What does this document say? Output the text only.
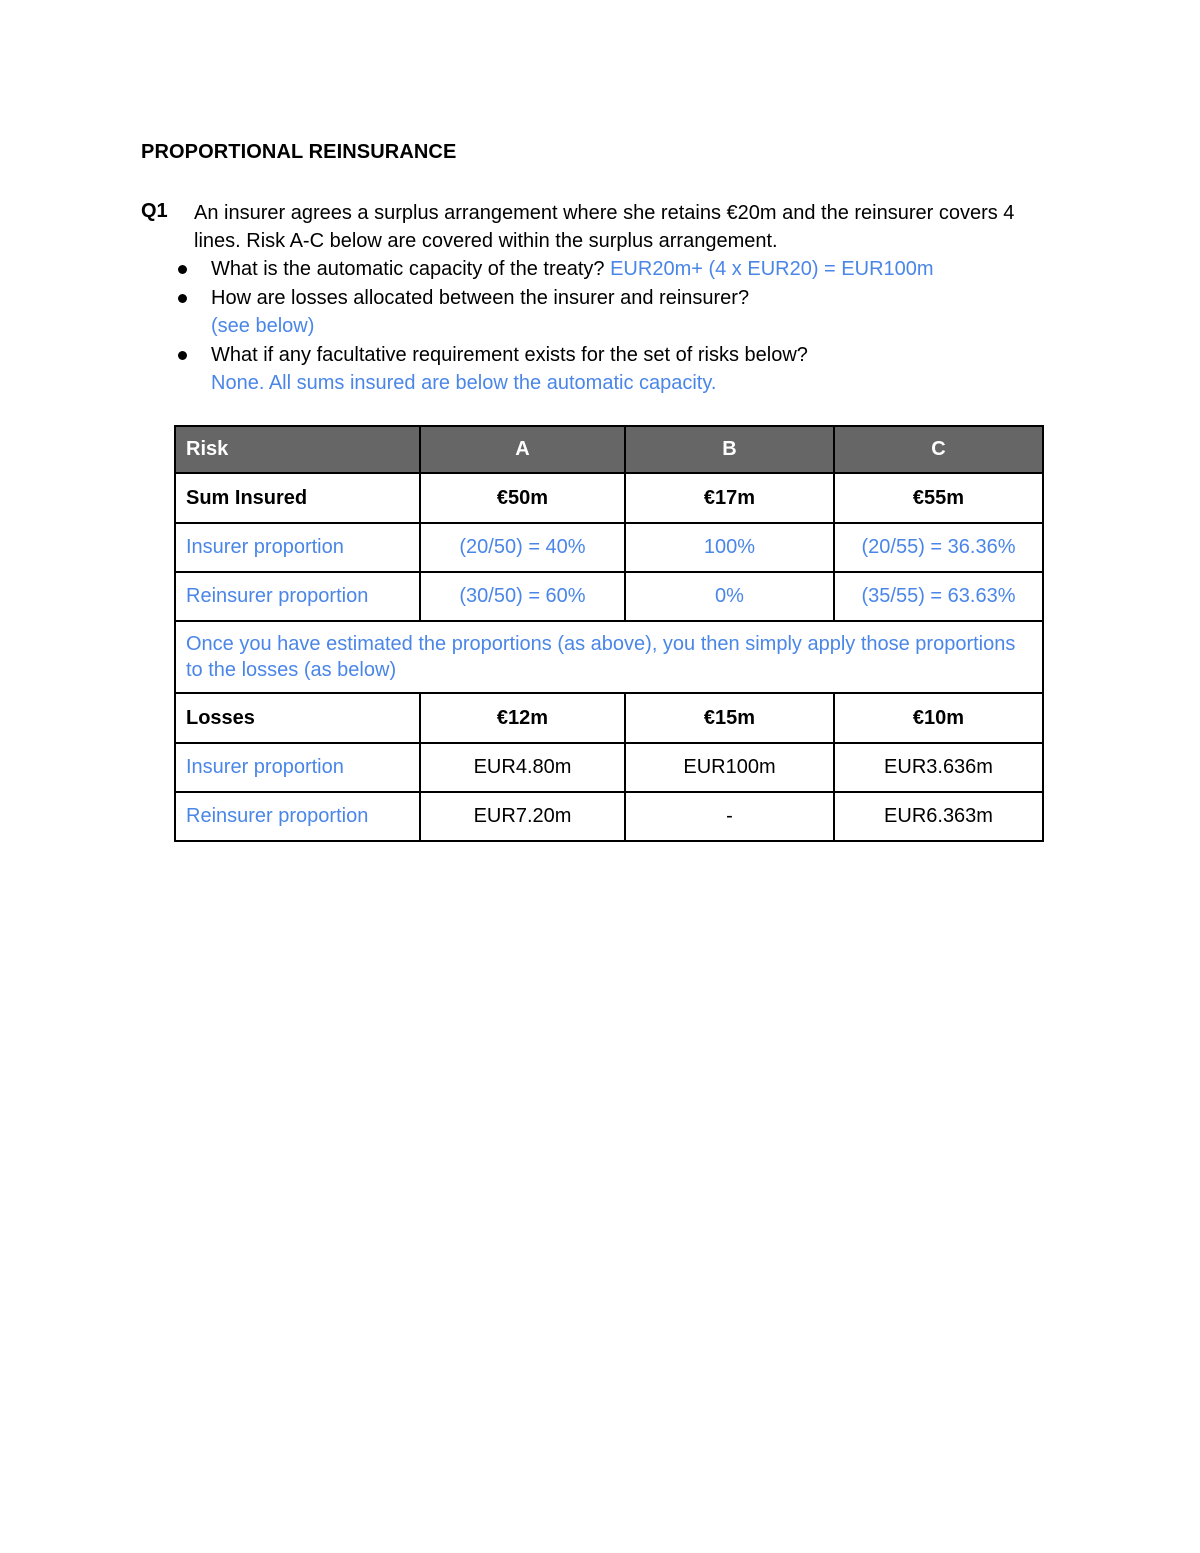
PROPORTIONAL REINSURANCE
Q1 An insurer agrees a surplus arrangement where she retains €20m and the reinsurer covers 4 lines. Risk A-C below are covered within the surplus arrangement.
What is the automatic capacity of the treaty? EUR20m+ (4 x EUR20) = EUR100m
How are losses allocated between the insurer and reinsurer?
(see below)
What if any facultative requirement exists for the set of risks below?
None. All sums insured are below the automatic capacity.
Risk	A	B	C
Sum Insured	€50m	€17m	€55m
Insurer proportion	(20/50) = 40%	100%	(20/55) = 36.36%
Reinsurer proportion	(30/50) = 60%	0%	(35/55) = 63.63%
Once you have estimated the proportions (as above), you then simply apply those proportions to the losses (as below)			
Losses	€12m	€15m	€10m
Insurer proportion	EUR4.80m	EUR100m	EUR3.636m
Reinsurer proportion	EUR7.20m	-	EUR6.363m
